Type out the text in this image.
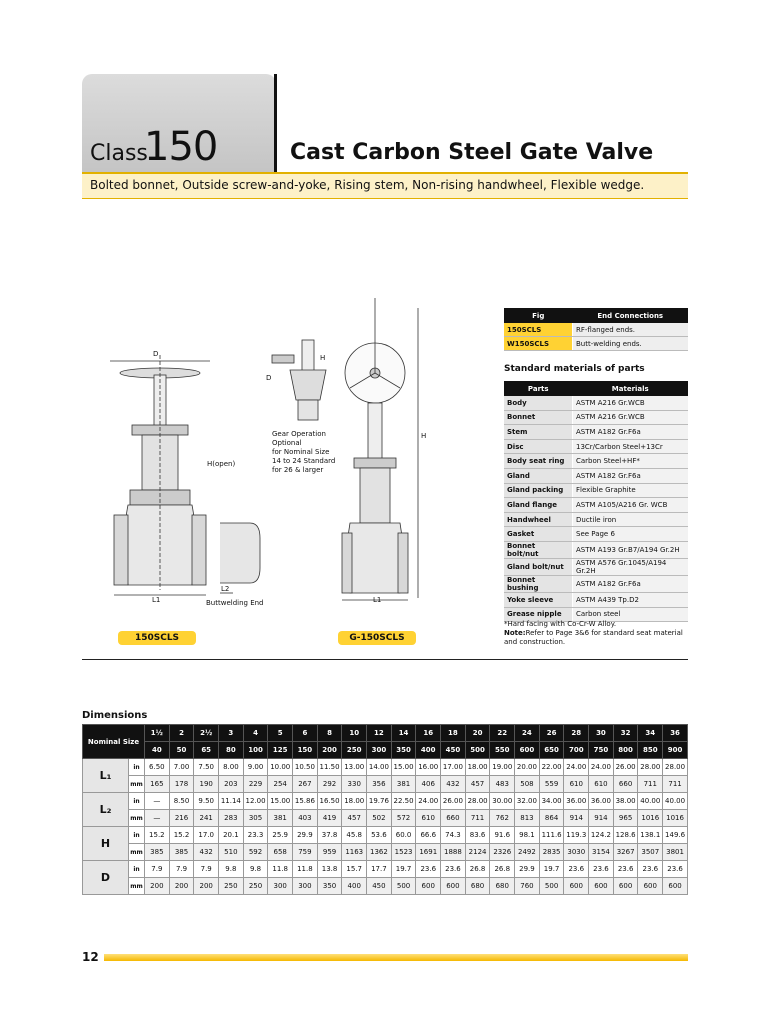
Class
150	Cast Carbon Steel Gate Valve
Bolted bonnet, Outside screw-and-yoke, Rising stem, Non-rising handwheel, Flexible wedge.
D
H(open)
L1
L2
Buttwelding End
D
H
Gear Operation
Optional
for Nominal Size
14 to 24 Standard
for 26 & larger
H
L1
150SCLS	G-150SCLS
Fig	End Connections
150SCLS	RF-flanged ends.
W150SCLS	Butt-welding ends.
Standard materials of parts
Parts	Materials
Body	ASTM A216 Gr.WCB
Bonnet	ASTM A216 Gr.WCB
Stem	ASTM A182 Gr.F6a
Disc	13Cr/Carbon Steel+13Cr
Body seat ring	Carbon Steel+HF*
Gland	ASTM A182 Gr.F6a
Gland packing	Flexible Graphite
Gland flange	ASTM A105/A216 Gr. WCB
Handwheel	Ductile iron
Gasket	See Page 6
Bonnet bolt/nut	ASTM A193 Gr.B7/A194 Gr.2H
Gland bolt/nut	ASTM A576 Gr.1045/A194 Gr.2H
Bonnet bushing	ASTM A182 Gr.F6a
Yoke sleeve	ASTM A439 Tp.D2
Grease nipple	Carbon steel
*Hard facing with Co-Cr-W Alloy.
Note:Refer to Page 3&6 for standard seat material and construction.
Dimensions
Nominal Size		1½	2	2½	3	4	5	6	8	10	12	14	16	18	20	22	24	26	28	30	32	34	36
		40	50	65	80	100	125	150	200	250	300	350	400	450	500	550	600	650	700	750	800	850	900
L₁	in	6.50	7.00	7.50	8.00	9.00	10.00	10.50	11.50	13.00	14.00	15.00	16.00	17.00	18.00	19.00	20.00	22.00	24.00	24.00	26.00	28.00	28.00
	mm	165	178	190	203	229	254	267	292	330	356	381	406	432	457	483	508	559	610	610	660	711	711
L₂	in	—	8.50	9.50	11.14	12.00	15.00	15.86	16.50	18.00	19.76	22.50	24.00	26.00	28.00	30.00	32.00	34.00	36.00	36.00	38.00	40.00	40.00
	mm	—	216	241	283	305	381	403	419	457	502	572	610	660	711	762	813	864	914	914	965	1016	1016
H	in	15.2	15.2	17.0	20.1	23.3	25.9	29.9	37.8	45.8	53.6	60.0	66.6	74.3	83.6	91.6	98.1	111.6	119.3	124.2	128.6	138.1	149.6
	mm	385	385	432	510	592	658	759	959	1163	1362	1523	1691	1888	2124	2326	2492	2835	3030	3154	3267	3507	3801
D	in	7.9	7.9	7.9	9.8	9.8	11.8	11.8	13.8	15.7	17.7	19.7	23.6	23.6	26.8	26.8	29.9	19.7	23.6	23.6	23.6	23.6	23.6
	mm	200	200	200	250	250	300	300	350	400	450	500	600	600	680	680	760	500	600	600	600	600	600
12
